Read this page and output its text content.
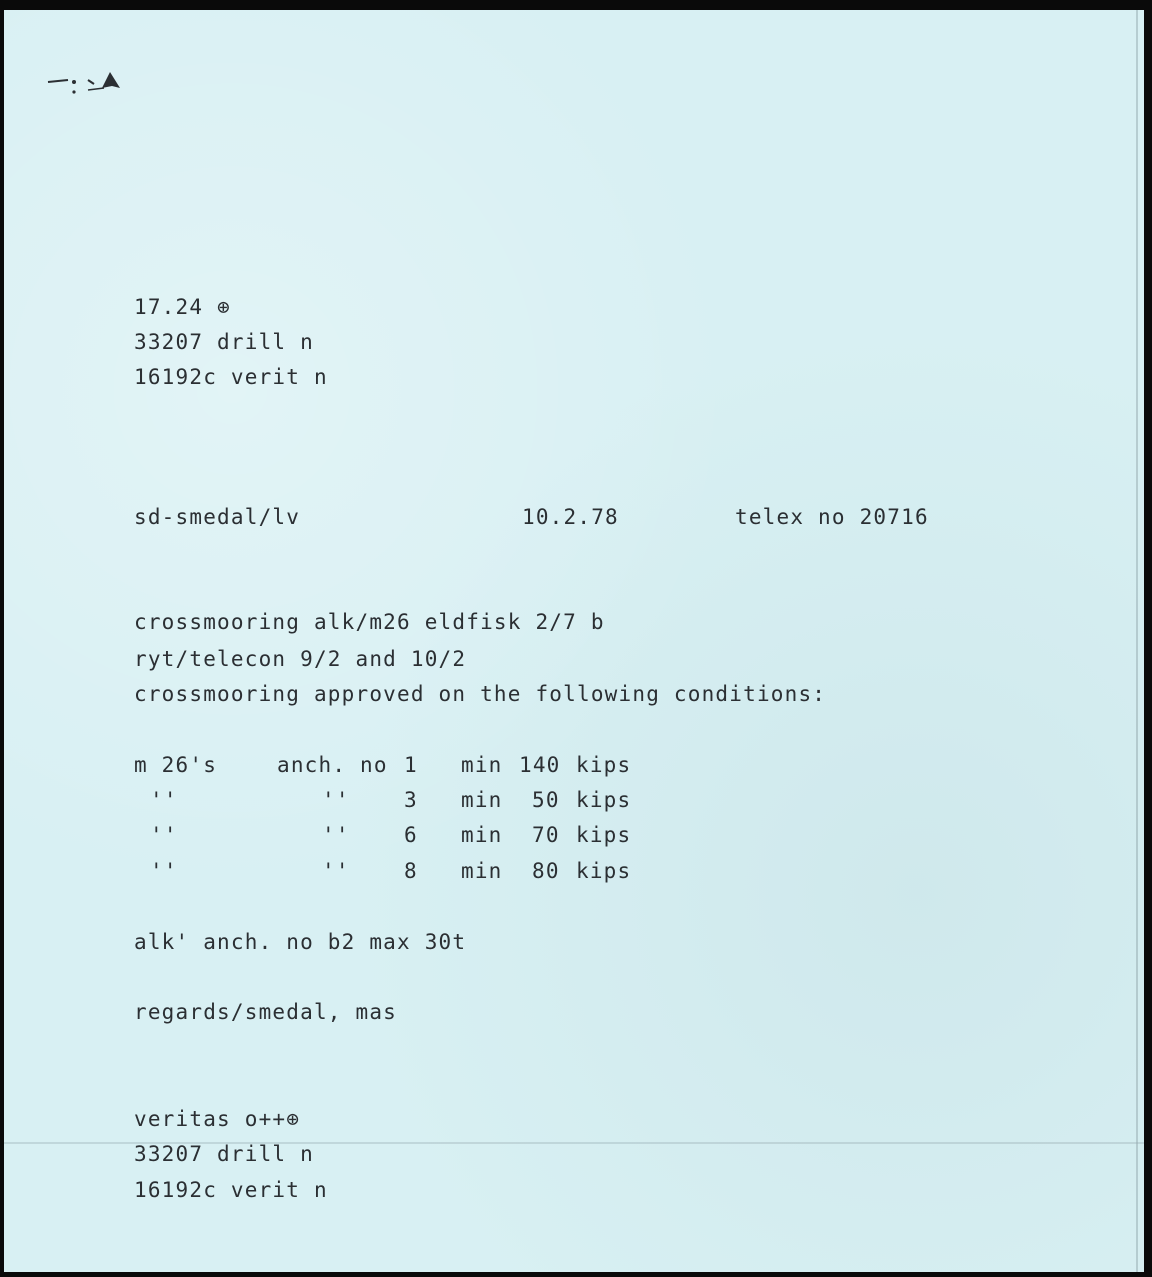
17.24 ⊕
33207 drill n
16192c verit n
sd-smedal/lv	10.2.78	telex no 20716
crossmooring alk/m26 eldfisk 2/7 b
ryt/telecon 9/2 and 10/2
crossmooring approved on the following conditions:
m 26's	anch. no 1 min 140 kips
''	''	3 min 50 kips
''	''	6 min 70 kips
''	''	8 min 80 kips
alk' anch. no b2 max 30t
regards/smedal, mas
veritas o++⊕
33207 drill n
16192c verit n
